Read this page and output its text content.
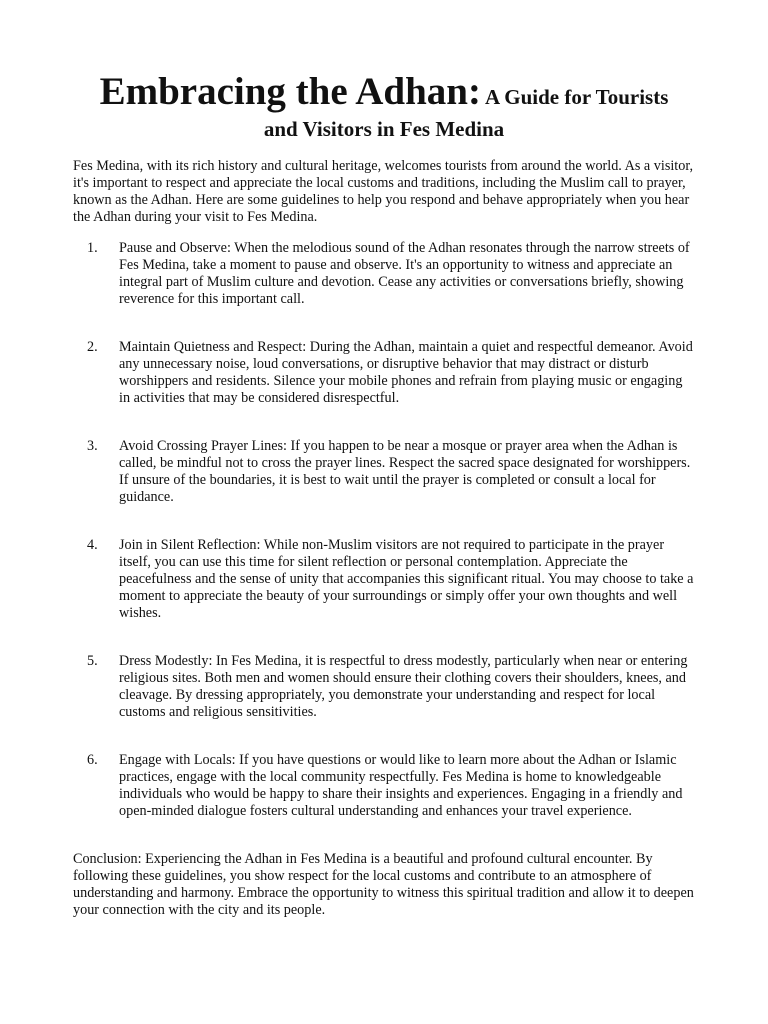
Embracing the Adhan: A Guide for Tourists
and Visitors in Fes Medina

Fes Medina, with its rich history and cultural heritage, welcomes tourists from around the world. As a visitor, it's important to respect and appreciate the local customs and traditions, including the Muslim call to prayer, known as the Adhan. Here are some guidelines to help you respond and behave appropriately when you hear the Adhan during your visit to Fes Medina.

1. Pause and Observe: When the melodious sound of the Adhan resonates through the narrow streets of Fes Medina, take a moment to pause and observe. It's an opportunity to witness and appreciate an integral part of Muslim culture and devotion. Cease any activities or conversations briefly, showing reverence for this important call.
2. Maintain Quietness and Respect: During the Adhan, maintain a quiet and respectful demeanor. Avoid any unnecessary noise, loud conversations, or disruptive behavior that may distract or disturb worshippers and residents. Silence your mobile phones and refrain from playing music or engaging in activities that may be considered disrespectful.
3. Avoid Crossing Prayer Lines: If you happen to be near a mosque or prayer area when the Adhan is called, be mindful not to cross the prayer lines. Respect the sacred space designated for worshippers. If unsure of the boundaries, it is best to wait until the prayer is completed or consult a local for guidance.
4. Join in Silent Reflection: While non-Muslim visitors are not required to participate in the prayer itself, you can use this time for silent reflection or personal contemplation. Appreciate the peacefulness and the sense of unity that accompanies this significant ritual. You may choose to take a moment to appreciate the beauty of your surroundings or simply offer your own thoughts and well wishes.
5. Dress Modestly: In Fes Medina, it is respectful to dress modestly, particularly when near or entering religious sites. Both men and women should ensure their clothing covers their shoulders, knees, and cleavage. By dressing appropriately, you demonstrate your understanding and respect for local customs and religious sensitivities.
6. Engage with Locals: If you have questions or would like to learn more about the Adhan or Islamic practices, engage with the local community respectfully. Fes Medina is home to knowledgeable individuals who would be happy to share their insights and experiences. Engaging in a friendly and open-minded dialogue fosters cultural understanding and enhances your travel experience.

Conclusion: Experiencing the Adhan in Fes Medina is a beautiful and profound cultural encounter. By following these guidelines, you show respect for the local customs and contribute to an atmosphere of understanding and harmony. Embrace the opportunity to witness this spiritual tradition and allow it to deepen your connection with the city and its people.
